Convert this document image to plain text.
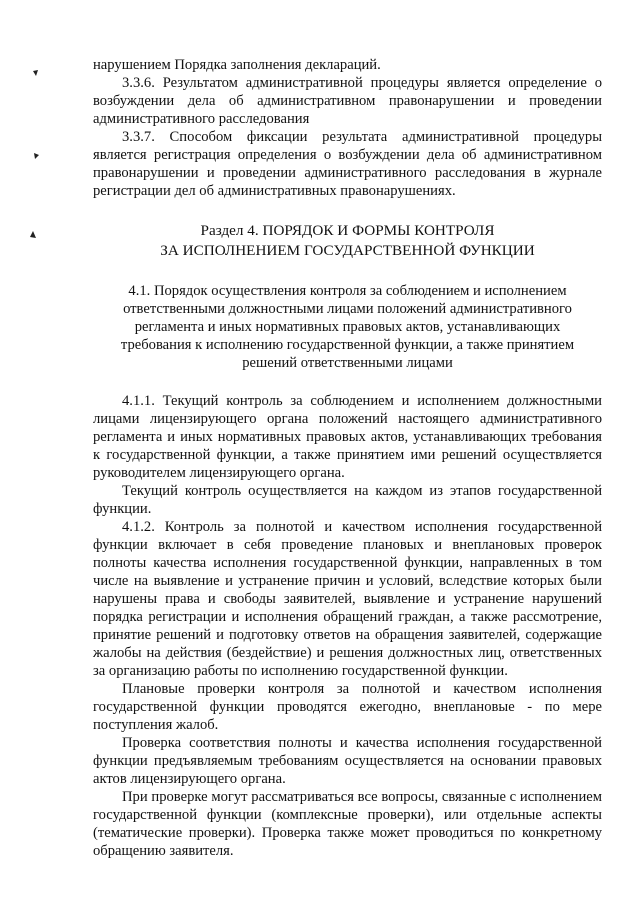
нарушением Порядка заполнения деклараций.

3.3.6. Результатом административной процедуры является определение о возбуждении дела об административном правонарушении и проведении административного расследования

3.3.7. Способом фиксации результата административной процедуры является регистрация определения о возбуждении дела об административном правонарушении и проведении административного расследования в журнале регистрации дел об административных правонарушениях.

Раздел 4. ПОРЯДОК И ФОРМЫ КОНТРОЛЯ
ЗА ИСПОЛНЕНИЕМ ГОСУДАРСТВЕННОЙ ФУНКЦИИ

4.1. Порядок осуществления контроля за соблюдением и исполнением ответственными должностными лицами положений административного регламента и иных нормативных правовых актов, устанавливающих требования к исполнению государственной функции, а также принятием решений ответственными лицами

4.1.1. Текущий контроль за соблюдением и исполнением должностными лицами лицензирующего органа положений настоящего административного регламента и иных нормативных правовых актов, устанавливающих требования к государственной функции, а также принятием ими решений осуществляется руководителем лицензирующего органа.

Текущий контроль осуществляется на каждом из этапов государственной функции.

4.1.2. Контроль за полнотой и качеством исполнения государственной функции включает в себя проведение плановых и внеплановых проверок полноты качества исполнения государственной функции, направленных в том числе на выявление и устранение причин и условий, вследствие которых были нарушены права и свободы заявителей, выявление и устранение нарушений порядка регистрации и исполнения обращений граждан, а также рассмотрение, принятие решений и подготовку ответов на обращения заявителей, содержащие жалобы на действия (бездействие) и решения должностных лиц, ответственных за организацию работы по исполнению государственной функции.

Плановые проверки контроля за полнотой и качеством исполнения государственной функции проводятся ежегодно, внеплановые - по мере поступления жалоб.

Проверка соответствия полноты и качества исполнения государственной функции предъявляемым требованиям осуществляется на основании правовых актов лицензирующего органа.

При проверке могут рассматриваться все вопросы, связанные с исполнением государственной функции (комплексные проверки), или отдельные аспекты (тематические проверки). Проверка также может проводиться по конкретному обращению заявителя.
